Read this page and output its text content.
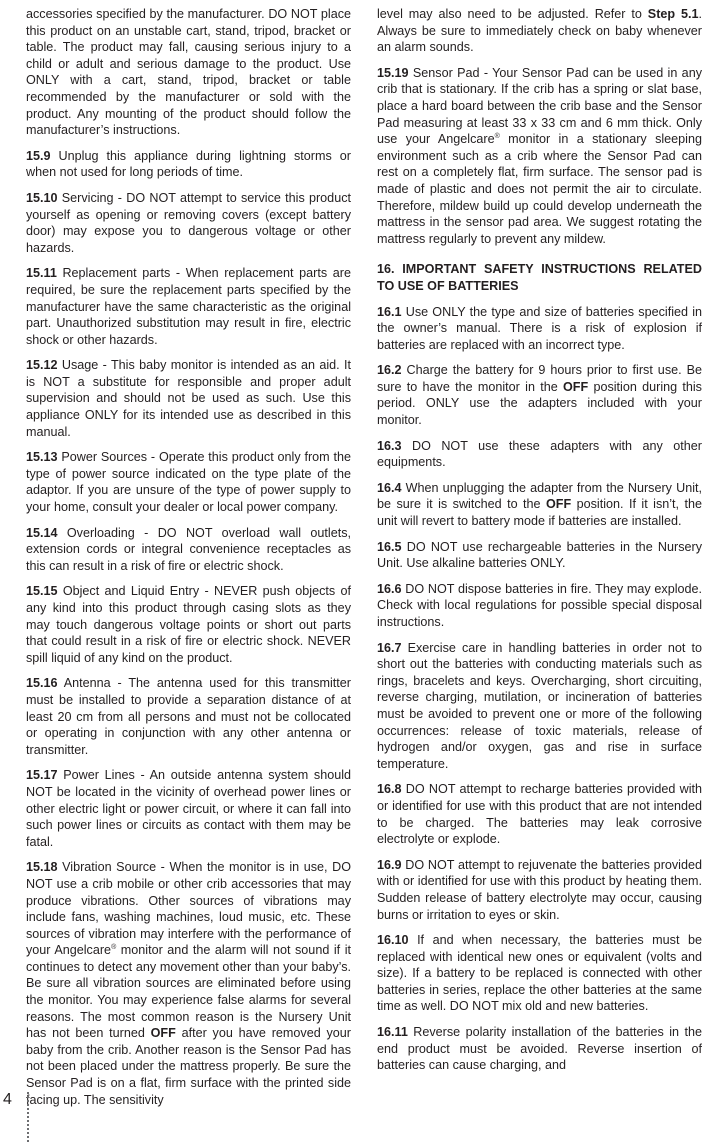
accessories specified by the manufacturer. DO NOT place this product on an unstable cart, stand, tripod, bracket or table. The product may fall, causing serious injury to a child or adult and serious damage to the product. Use ONLY with a cart, stand, tripod, bracket or table recommended by the manufacturer or sold with the product. Any mounting of the product should follow the manufacturer’s instructions.

15.9 Unplug this appliance during lightning storms or when not used for long periods of time.

15.10 Servicing - DO NOT attempt to service this product yourself as opening or removing covers (except battery door) may expose you to dangerous voltage or other hazards.

15.11 Replacement parts - When replacement parts are required, be sure the replacement parts specified by the manufacturer have the same characteristic as the original part. Unauthorized substitution may result in fire, electric shock or other hazards.

15.12 Usage - This baby monitor is intended as an aid. It is NOT a substitute for responsible and proper adult supervision and should not be used as such. Use this appliance ONLY for its intended use as described in this manual.

15.13 Power Sources - Operate this product only from the type of power source indicated on the type plate of the adaptor. If you are unsure of the type of power supply to your home, consult your dealer or local power company.

15.14 Overloading - DO NOT overload wall outlets, extension cords or integral convenience receptacles as this can result in a risk of fire or electric shock.

15.15 Object and Liquid Entry - NEVER push objects of any kind into this product through casing slots as they may touch dangerous voltage points or short out parts that could result in a risk of fire or electric shock. NEVER spill liquid of any kind on the product.

15.16 Antenna - The antenna used for this transmitter must be installed to provide a separation distance of at least 20 cm from all persons and must not be collocated or operating in conjunction with any other antenna or transmitter.

15.17 Power Lines - An outside antenna system should NOT be located in the vicinity of overhead power lines or other electric light or power circuit, or where it can fall into such power lines or circuits as contact with them may be fatal.

15.18 Vibration Source - When the monitor is in use, DO NOT use a crib mobile or other crib accessories that may produce vibrations. Other sources of vibrations may include fans, washing machines, loud music, etc. These sources of vibration may interfere with the performance of your Angelcare® monitor and the alarm will not sound if it continues to detect any movement other than your baby’s. Be sure all vibration sources are eliminated before using the monitor. You may experience false alarms for several reasons. The most common reason is the Nursery Unit has not been turned OFF after you have removed your baby from the crib. Another reason is the Sensor Pad has not been placed under the mattress properly. Be sure the Sensor Pad is on a flat, firm surface with the printed side facing up. The sensitivity

level may also need to be adjusted. Refer to Step 5.1. Always be sure to immediately check on baby whenever an alarm sounds.

15.19 Sensor Pad - Your Sensor Pad can be used in any crib that is stationary. If the crib has a spring or slat base, place a hard board between the crib base and the Sensor Pad measuring at least 33 x 33 cm and 6 mm thick. Only use your Angelcare® monitor in a stationary sleeping environment such as a crib where the Sensor Pad can rest on a completely flat, firm surface. The sensor pad is made of plastic and does not permit the air to circulate. Therefore, mildew build up could develop underneath the mattress in the sensor pad area. We suggest rotating the mattress regularly to prevent any mildew.

16. IMPORTANT SAFETY INSTRUCTIONS RELATED TO USE OF BATTERIES

16.1 Use ONLY the type and size of batteries specified in the owner’s manual. There is a risk of explosion if batteries are replaced with an incorrect type.

16.2 Charge the battery for 9 hours prior to first use. Be sure to have the monitor in the OFF position during this period. ONLY use the adapters included with your monitor.

16.3 DO NOT use these adapters with any other equipments.

16.4 When unplugging the adapter from the Nursery Unit, be sure it is switched to the OFF position. If it isn’t, the unit will revert to battery mode if batteries are installed.

16.5 DO NOT use rechargeable batteries in the Nursery Unit. Use alkaline batteries ONLY.

16.6 DO NOT dispose batteries in fire. They may explode. Check with local regulations for possible special disposal instructions.

16.7 Exercise care in handling batteries in order not to short out the batteries with conducting materials such as rings, bracelets and keys. Overcharging, short circuiting, reverse charging, mutilation, or incineration of batteries must be avoided to prevent one or more of the following occurrences: release of toxic materials, release of hydrogen and/or oxygen, gas and rise in surface temperature.

16.8 DO NOT attempt to recharge batteries provided with or identified for use with this product that are not intended to be charged. The batteries may leak corrosive electrolyte or explode.

16.9 DO NOT attempt to rejuvenate the batteries provided with or identified for use with this product by heating them. Sudden release of battery electrolyte may occur, causing burns or irritation to eyes or skin.

16.10 If and when necessary, the batteries must be replaced with identical new ones or equivalent (volts and size). If a battery to be replaced is connected with other batteries in series, replace the other batteries at the same time as well. DO NOT mix old and new batteries.

16.11 Reverse polarity installation of the batteries in the end product must be avoided. Reverse insertion of batteries can cause charging, and

4
